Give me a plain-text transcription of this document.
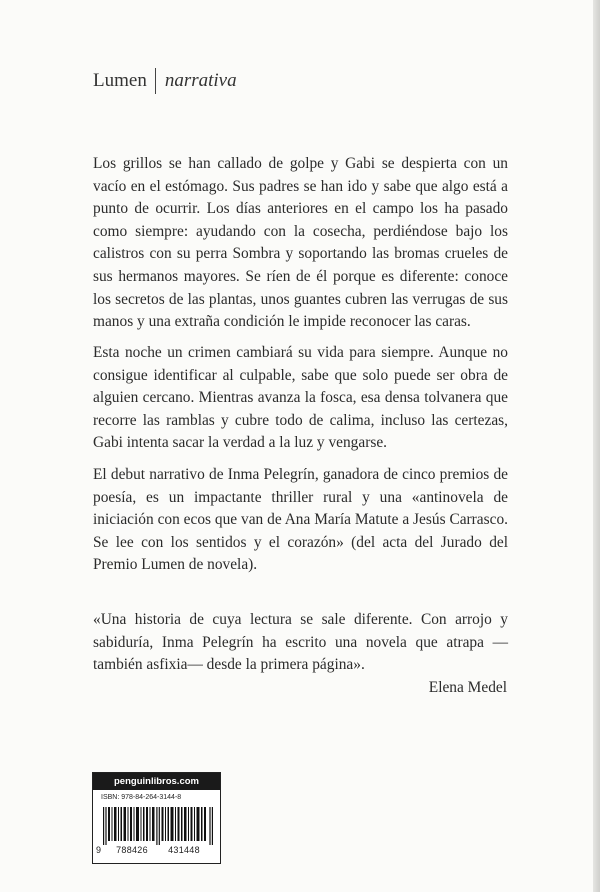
Lumen narrativa

Los grillos se han callado de golpe y Gabi se despierta con un vacío en el estómago. Sus padres se han ido y sabe que algo está a punto de ocurrir. Los días anteriores en el campo los ha pasado como siempre: ayudando con la cosecha, perdiéndose bajo los calistros con su perra Sombra y soportando las bromas crueles de sus hermanos mayores. Se ríen de él porque es diferente: conoce los secretos de las plantas, unos guantes cubren las verrugas de sus manos y una extraña condición le impide reconocer las caras.

Esta noche un crimen cambiará su vida para siempre. Aunque no consigue identificar al culpable, sabe que solo puede ser obra de alguien cercano. Mientras avanza la fosca, esa densa tolvanera que recorre las ramblas y cubre todo de calima, incluso las certezas, Gabi intenta sacar la verdad a la luz y vengarse.

El debut narrativo de Inma Pelegrín, ganadora de cinco premios de poesía, es un impactante thriller rural y una «antinovela de iniciación con ecos que van de Ana María Matute a Jesús Carrasco. Se lee con los sentidos y el corazón» (del acta del Jurado del Premio Lumen de novela).

«Una historia de cuya lectura se sale diferente. Con arrojo y sabiduría, Inma Pelegrín ha escrito una novela que atrapa —también asfixia— desde la primera página».

Elena Medel
penguinlibros.com
ISBN: 978-84-264-3144-8
9	788426	431448
